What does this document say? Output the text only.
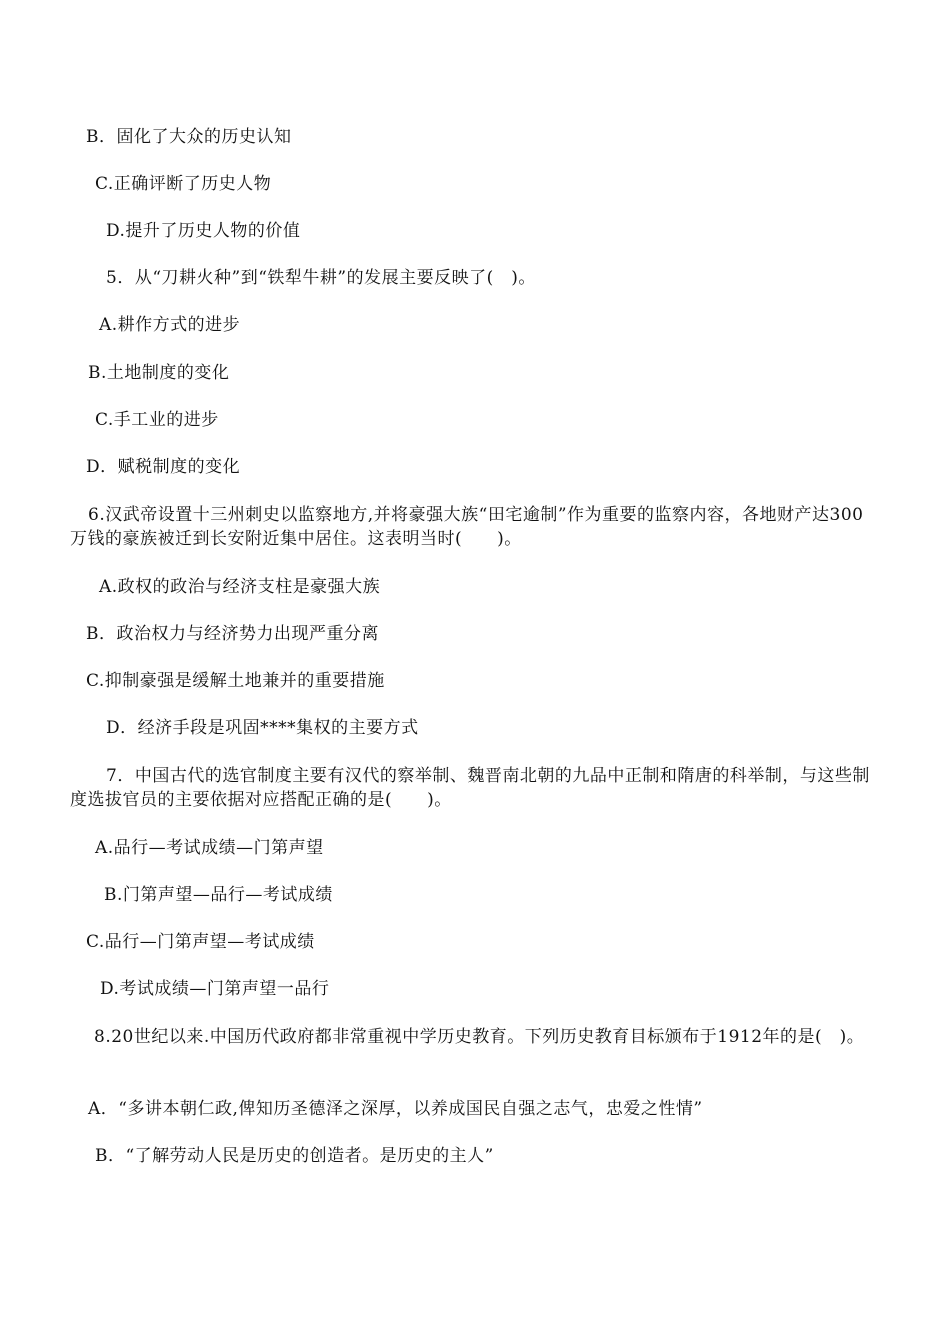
B．固化了大众的历史认知
C.正确评断了历史人物
D.提升了历史人物的价值
5．从“刀耕火种”到“铁犁牛耕”的发展主要反映了(　)。
A.耕作方式的进步
B.土地制度的变化
C.手工业的进步
D．赋税制度的变化
6.汉武帝设置十三州刺史以监察地方,并将豪强大族“田宅逾制”作为重要的监察内容，各地财产达300万钱的豪族被迁到长安附近集中居住。这表明当时(　　)。
A.政权的政治与经济支柱是豪强大族
B．政治权力与经济势力出现严重分离
C.抑制豪强是缓解土地兼并的重要措施
D．经济手段是巩固****集权的主要方式
7．中国古代的选官制度主要有汉代的察举制、魏晋南北朝的九品中正制和隋唐的科举制，与这些制度选拔官员的主要依据对应搭配正确的是(　　)。
A.品行—考试成绩—门第声望
B.门第声望—品行—考试成绩
C.品行—门第声望—考试成绩
D.考试成绩—门第声望一品行
8.20世纪以来.中国历代政府都非常重视中学历史教育。下列历史教育目标颁布于1912年的是(　)。
A．“多讲本朝仁政,俾知历圣德泽之深厚，以养成国民自强之志气，忠爱之性情”
B．“了解劳动人民是历史的创造者。是历史的主人”
